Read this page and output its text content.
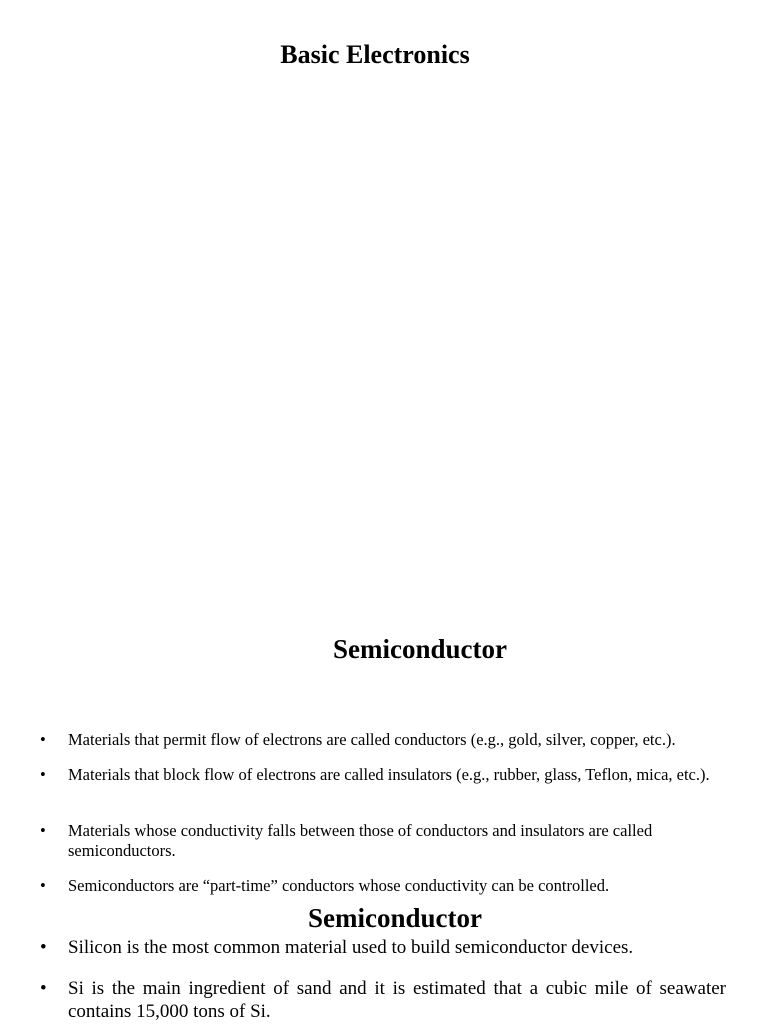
Basic Electronics
Semiconductor
• Materials that permit flow of electrons are called conductors (e.g., gold, silver, copper, etc.).
• Materials that block flow of electrons are called insulators (e.g., rubber, glass, Teflon, mica, etc.).
• Materials whose conductivity falls between those of conductors and insulators are called semiconductors.
• Semiconductors are “part-time” conductors whose conductivity can be controlled.
Semiconductor
• Silicon is the most common material used to build semiconductor devices.
• Si is the main ingredient of sand and it is estimated that a cubic mile of seawater contains 15,000 tons of Si.
